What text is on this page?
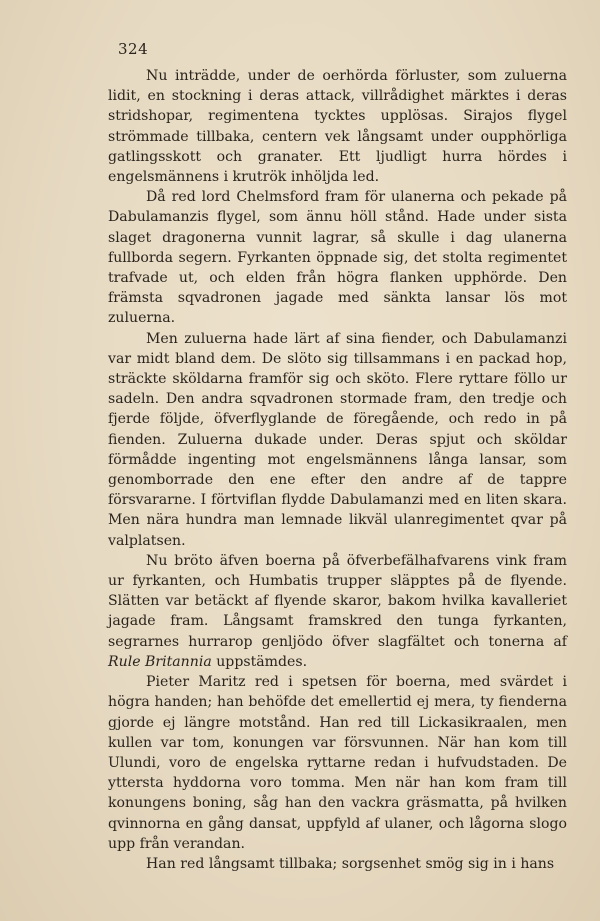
324

Nu inträdde, under de oerhörda förluster, som zuluerna lidit, en stockning i deras attack, villrådighet märktes i deras stridshopar, regimentena tycktes upplösas. Sirajos flygel strömmade tillbaka, centern vek långsamt under oupphörliga gatlingsskott och granater. Ett ljudligt hurra hördes i engelsmännens i krutrök inhöljda led.

Då red lord Chelmsford fram för ulanerna och pekade på Dabulamanzis flygel, som ännu höll stånd. Hade under sista slaget dragonerna vunnit lagrar, så skulle i dag ulanerna fullborda segern. Fyrkanten öppnade sig, det stolta regimentet trafvade ut, och elden från högra flanken upphörde. Den främsta sqvadronen jagade med sänkta lansar lös mot zuluerna.

Men zuluerna hade lärt af sina fiender, och Dabulamanzi var midt bland dem. De slöto sig tillsammans i en packad hop, sträckte sköldarna framför sig och sköto. Flere ryttare föllo ur sadeln. Den andra sqvadronen stormade fram, den tredje och fjerde följde, öfverflyglande de föregående, och redo in på fienden. Zuluerna dukade under. Deras spjut och sköldar förmådde ingenting mot engelsmännens långa lansar, som genomborrade den ene efter den andre af de tappre försvararne. I förtviflan flydde Dabulamanzi med en liten skara. Men nära hundra man lemnade likväl ulanregimentet qvar på valplatsen.

Nu bröto äfven boerna på öfverbefälhafvarens vink fram ur fyrkanten, och Humbatis trupper släpptes på de flyende. Slätten var betäckt af flyende skaror, bakom hvilka kavalleriet jagade fram. Långsamt framskred den tunga fyrkanten, segrarnes hurrarop genljödo öfver slagfältet och tonerna af Rule Britannia uppstämdes.

Pieter Maritz red i spetsen för boerna, med svärdet i högra handen; han behöfde det emellertid ej mera, ty fienderna gjorde ej längre motstånd. Han red till Lickasikraalen, men kullen var tom, konungen var försvunnen. När han kom till Ulundi, voro de engelska ryttarne redan i hufvudstaden. De yttersta hyddorna voro tomma. Men när han kom fram till konungens boning, såg han den vackra gräsmatta, på hvilken qvinnorna en gång dansat, uppfyld af ulaner, och lågorna slogo upp från verandan.

Han red långsamt tillbaka; sorgsenhet smög sig in i hans
